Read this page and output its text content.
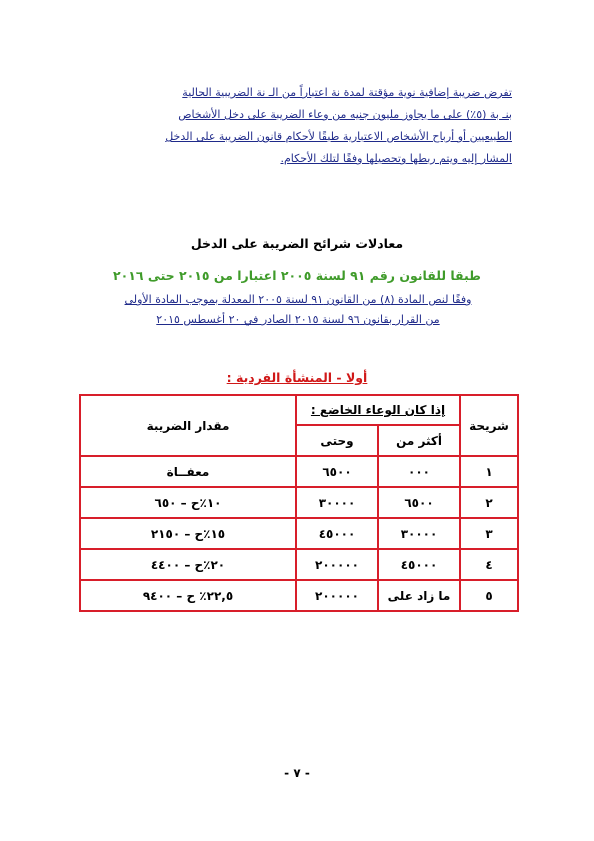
تفرض ضريبة إضافية نوية مؤقتة لمدة نة اعتباراً من الـ نة الضريبية الحالية

بنـ بة (٥٪) على ما يجاوز مليون جنيه من وعاء الضريبة على دخل الأشخاص

الطبيعيين أو أرباح الأشخاص الاعتبارية طبقًا لأحكام قانون الضريبة على الدخل

المشار إليه ويتم ربطها وتحصيلها وفقًا لتلك الأحكام.

معادلات شرائح الضريبة على الدخل
طبقا للقانون رقم ٩١ لسنة ٢٠٠٥ اعتبارا من ٢٠١٥ حتى ٢٠١٦

وفقًا لنص المادة (٨) من القانون ٩١ لسنة ٢٠٠٥ المعدلة بموجب المادة الأولى

من القرار بقانون ٩٦ لسنة ٢٠١٥ الصادر في ٢٠ أغسطس ٢٠١٥

أولا - المنشأة الفردية :
شريحة	إذا كان الوعاء الخاضع :		مقدار الضريبة
	أكثر من	وحتى	
١	٠٠٠	٦٥٠٠	معفــاة
٢	٦٥٠٠	٣٠٠٠٠	١٠٪ح – ٦٥٠
٣	٣٠٠٠٠	٤٥٠٠٠	١٥٪ح – ٢١٥٠
٤	٤٥٠٠٠	٢٠٠٠٠٠	٢٠٪ح – ٤٤٠٠
٥	ما زاد على	٢٠٠٠٠٠	٢٢,٥٪ ح – ٩٤٠٠
- ٧ -
